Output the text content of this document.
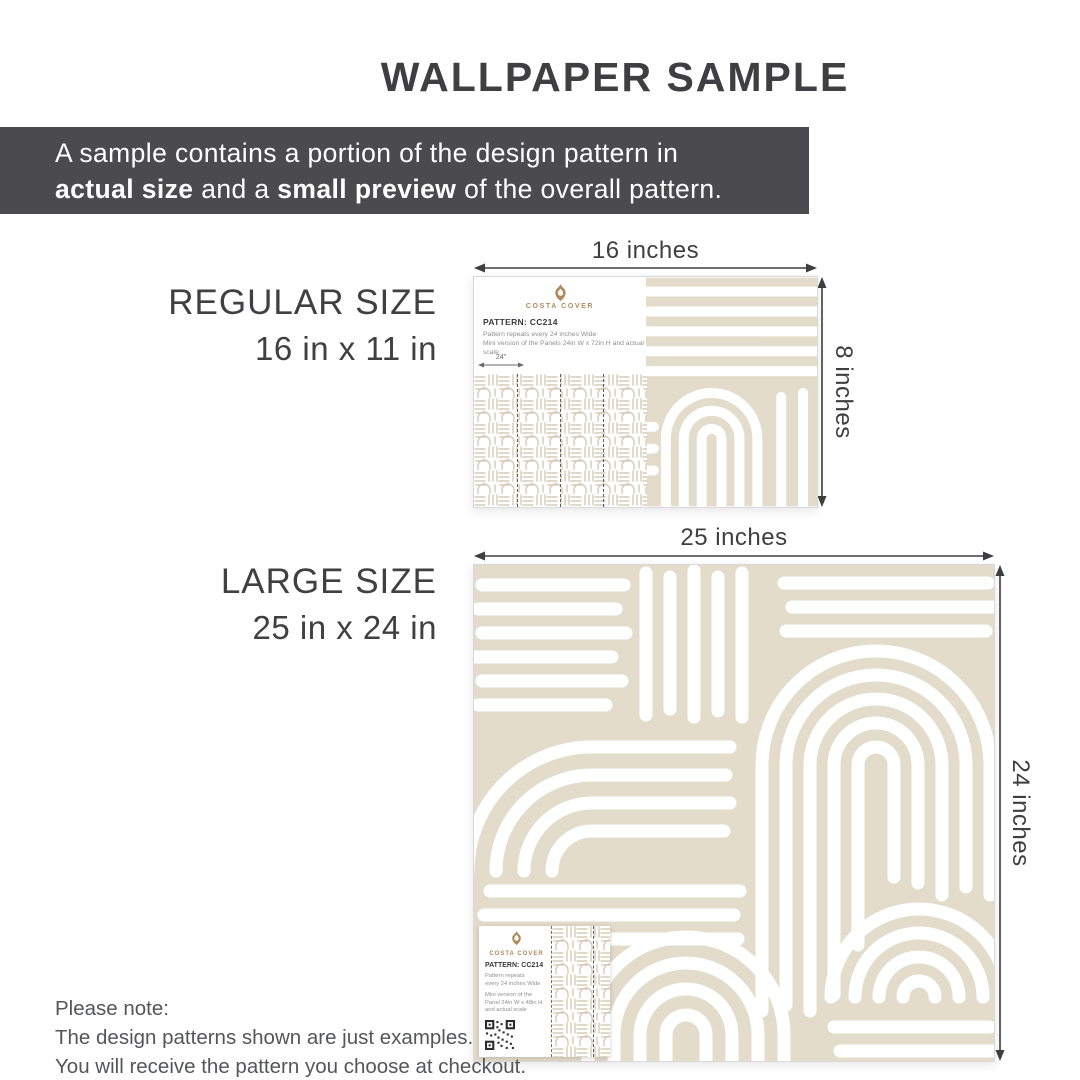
WALLPAPER SAMPLE
A sample contains a portion of the design pattern in
actual size and a small preview of the overall pattern.
REGULAR SIZE
16 in x 11 in
16 inches
8 inches
COSTA COVER
PATTERN: CC214
Pattern repeats every 24 inches Wide
Mini version of the Panels 24in W x 72in H and actual scale
24″
LARGE SIZE
25 in x 24 in
25 inches
24 inches
COSTA COVER
PATTERN: CC214
Pattern repeats
every 24 inches Wide
Mini version of the
Panel 24in W x 48in H
and actual scale
Please note:
The design patterns shown are just examples.
You will receive the pattern you choose at checkout.
